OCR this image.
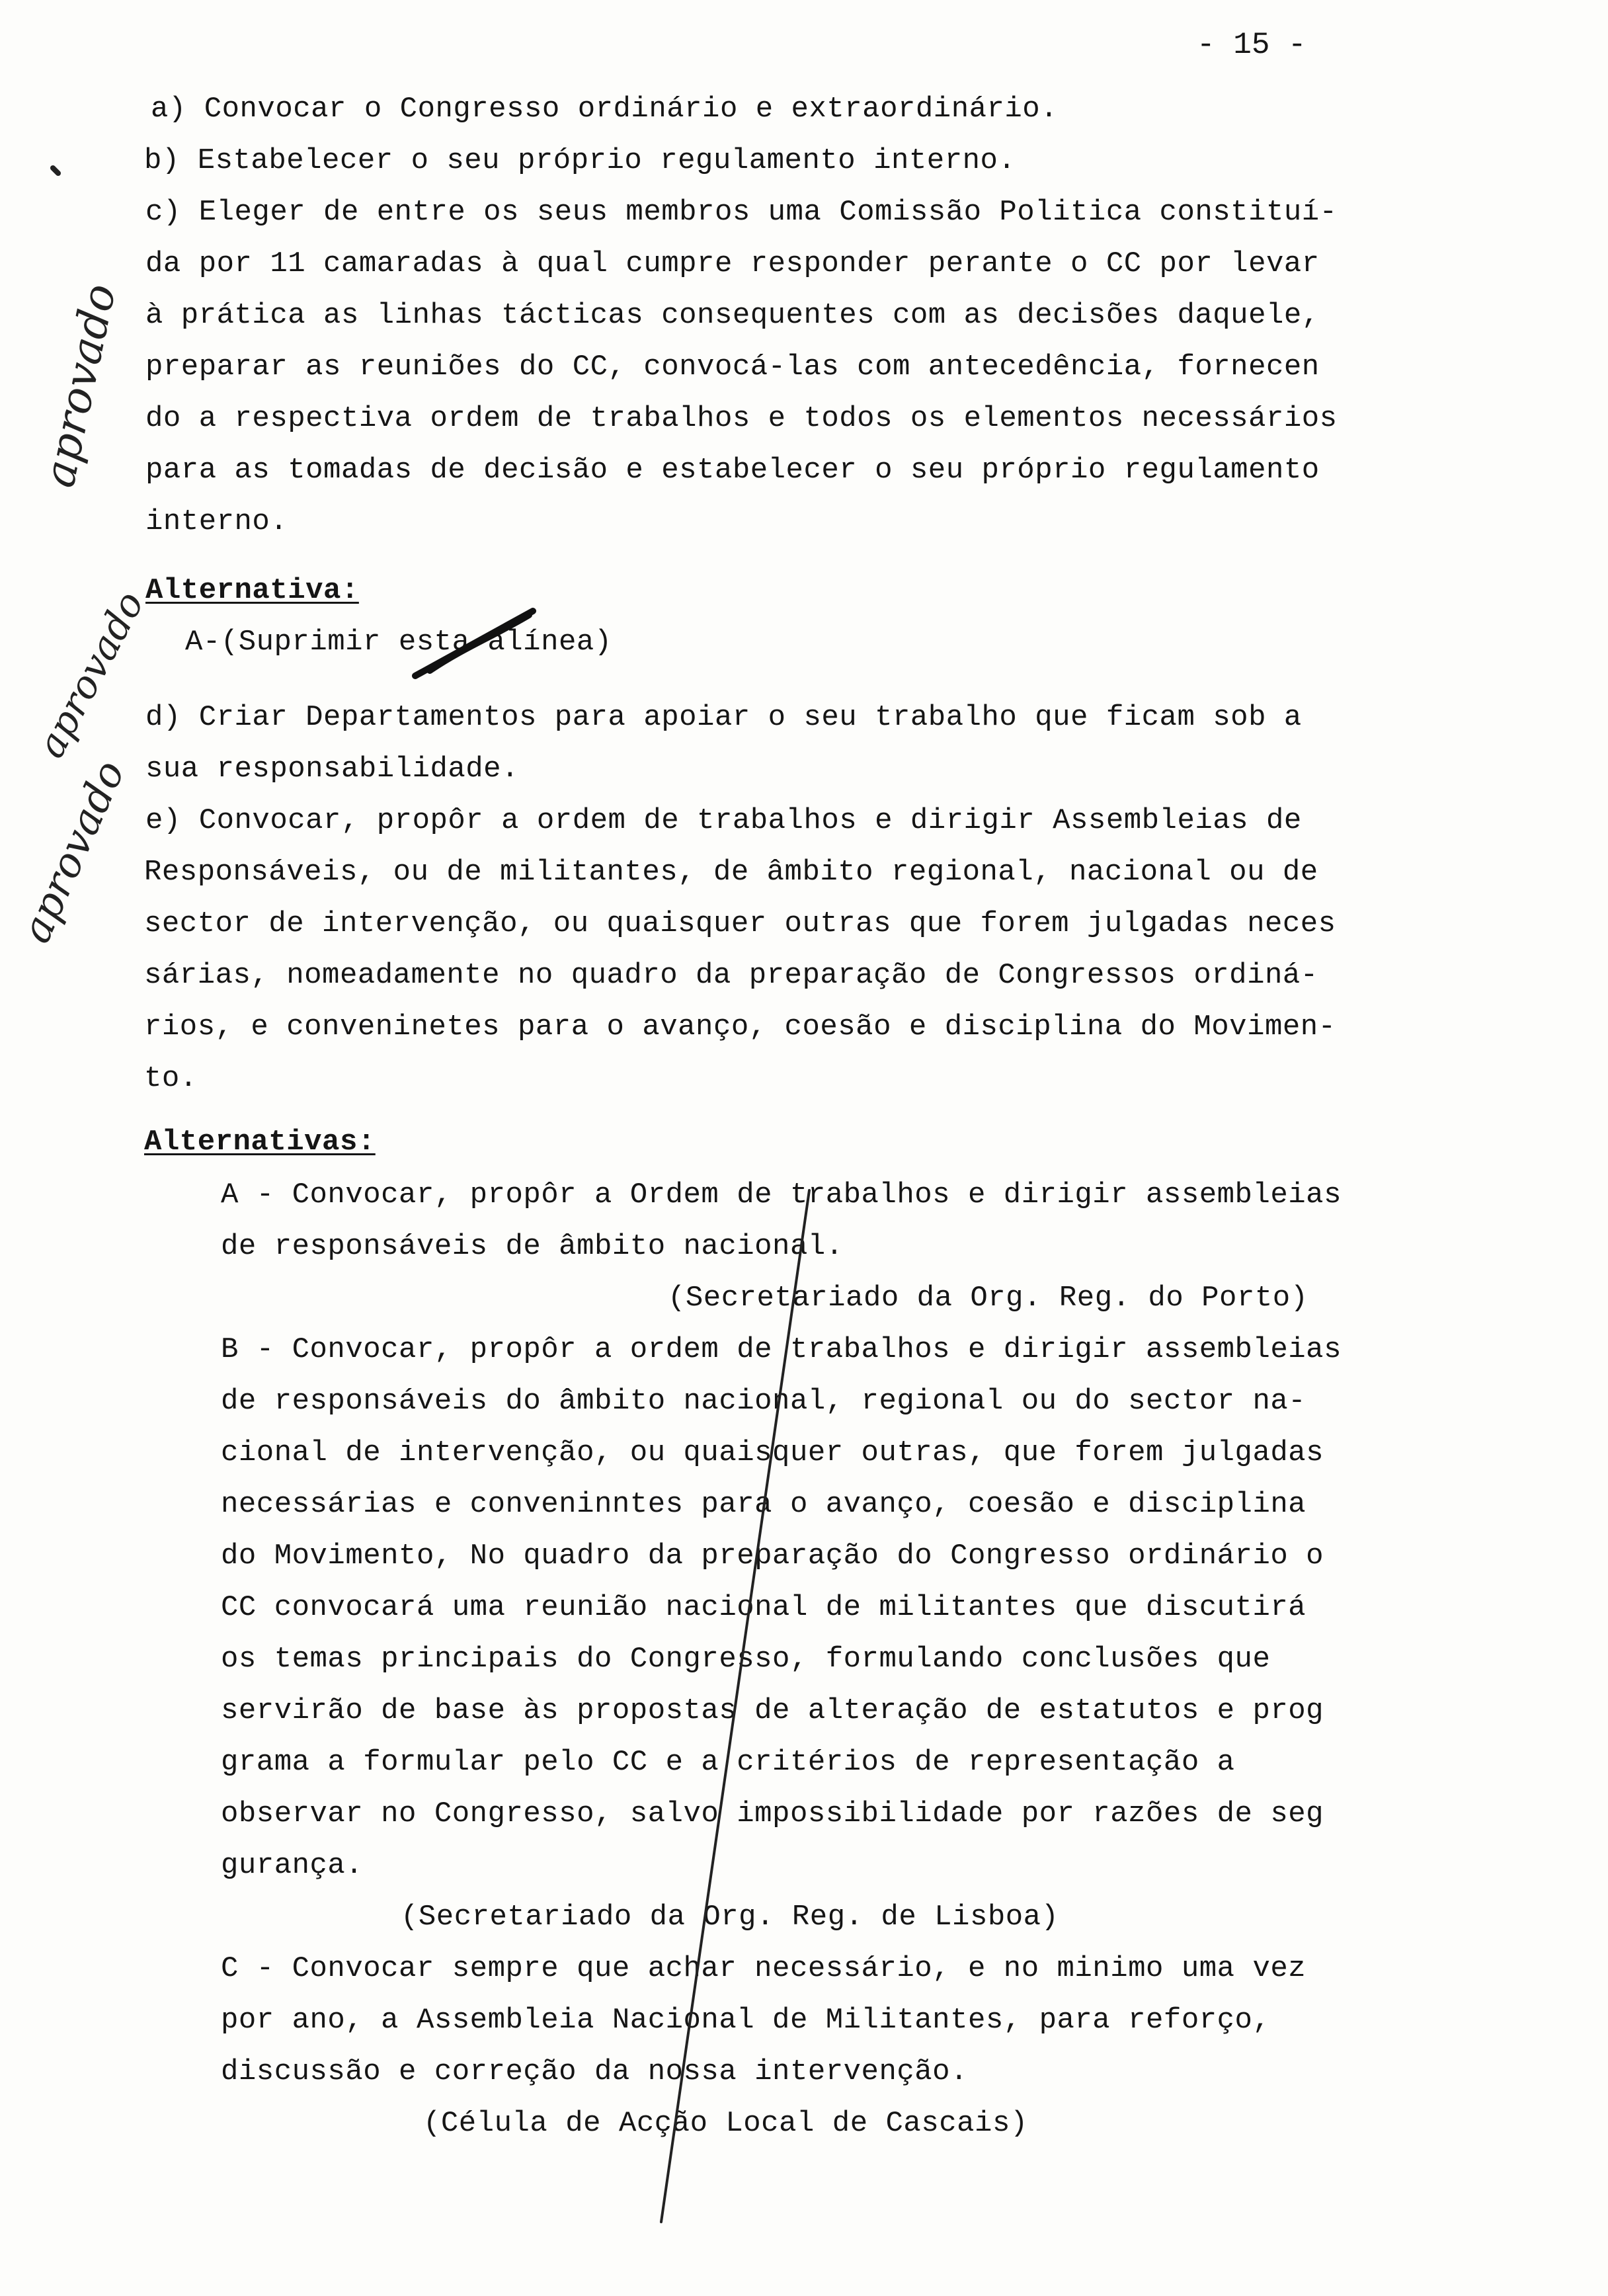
- 15 -
a) Convocar o Congresso ordinário e extraordinário.
b) Estabelecer o seu próprio regulamento interno.
c) Eleger de entre os seus membros uma Comissão Politica constituí-
da por 11 camaradas à qual cumpre responder perante o CC por levar
à prática as linhas tácticas consequentes com as decisões daquele,
preparar as reuniões do CC, convocá-las com antecedência, fornecen
do a respectiva ordem de trabalhos e todos os elementos necessários
para as tomadas de decisão e estabelecer o seu próprio regulamento
interno.
Alternativa:
A-(Suprimir esta alínea)
d) Criar Departamentos para apoiar o seu trabalho que ficam sob a
sua responsabilidade.
e) Convocar, propôr a ordem de trabalhos e dirigir Assembleias de
Responsáveis, ou de militantes, de âmbito regional, nacional ou de
sector de intervenção, ou quaisquer outras que forem julgadas neces
sárias, nomeadamente no quadro da preparação de Congressos ordiná-
rios, e conveninetes para o avanço, coesão e disciplina do Movimen-
to.
Alternativas:
A - Convocar, propôr a Ordem de trabalhos e dirigir assembleias
de responsáveis de âmbito nacional.
(Secretariado da Org. Reg. do Porto)
B - Convocar, propôr a ordem de trabalhos e dirigir assembleias
de responsáveis do âmbito nacional, regional ou do sector na-
cional de intervenção, ou quaisquer outras, que forem julgadas
necessárias e conveninntes para o avanço, coesão e disciplina
do Movimento, No quadro da preparação do Congresso ordinário o
CC convocará uma reunião nacional de militantes que discutirá
os temas principais do Congresso, formulando conclusões que
servirão de base às propostas de alteração de estatutos e prog
grama a formular pelo CC e a critérios de representação a
observar no Congresso, salvo impossibilidade por razões de seg
gurança.
(Secretariado da Org. Reg. de Lisboa)
C - Convocar sempre que achar necessário, e no minimo uma vez
por ano, a Assembleia Nacional de Militantes, para reforço,
discussão e correção da nossa intervenção.
(Célula de Acção Local de Cascais)
aprovado
aprovado
aprovado
